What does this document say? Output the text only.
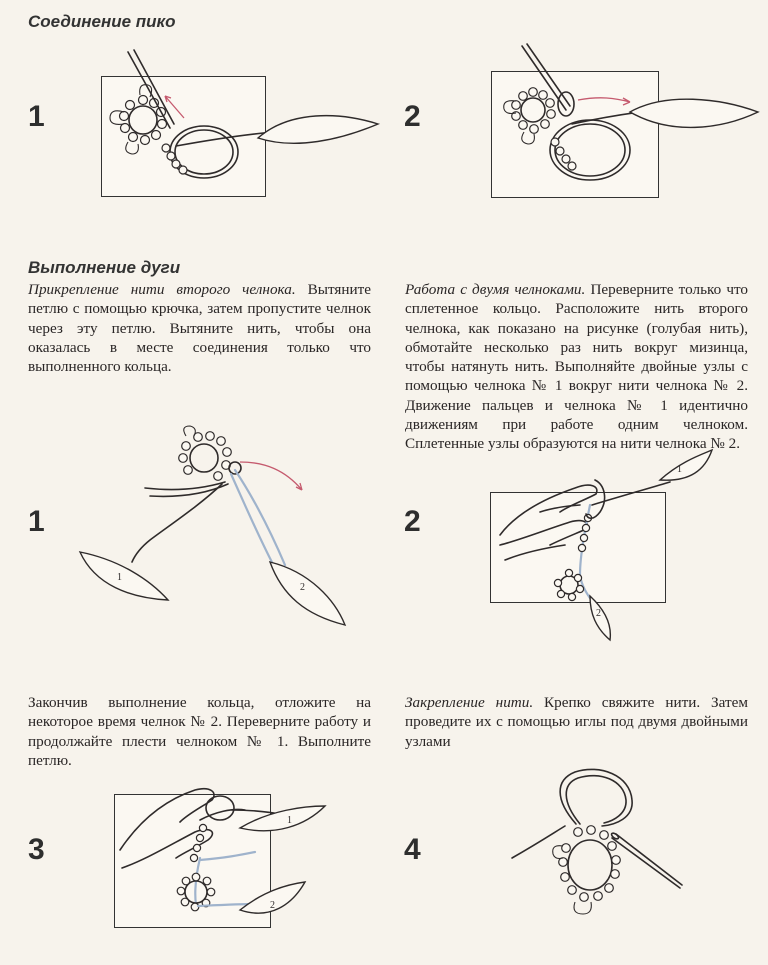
Соединение пико
1	2
Выполнение дуги
Прикрепление нити второго челнока. Вытяните петлю с помощью крючка, затем пропустите челнок через эту петлю. Вытяните нить, чтобы она оказалась в месте соединения только что выполненного кольца.
Работа с двумя челноками. Переверните только что сплетенное кольцо. Расположите нить второго челнока, как показано на рисунке (голубая нить), обмотайте несколько раз нить вокруг мизинца, чтобы натянуть нить. Выполняйте двойные узлы с помощью челнока № 1 вокруг нити челнока № 2. Движение пальцев и челнока № 1 идентично движениям при работе одним челноком. Сплетенные узлы образуются на нити челнока № 2.
1
1
2
2
1
2
Закончив выполнение кольца, отложите на некоторое время челнок № 2. Переверните работу и продолжайте плести челноком № 1. Выполните петлю.
Закрепление нити. Крепко свяжите нити. Затем проведите их с помощью иглы под двумя двойными узлами
3
1
2
4
